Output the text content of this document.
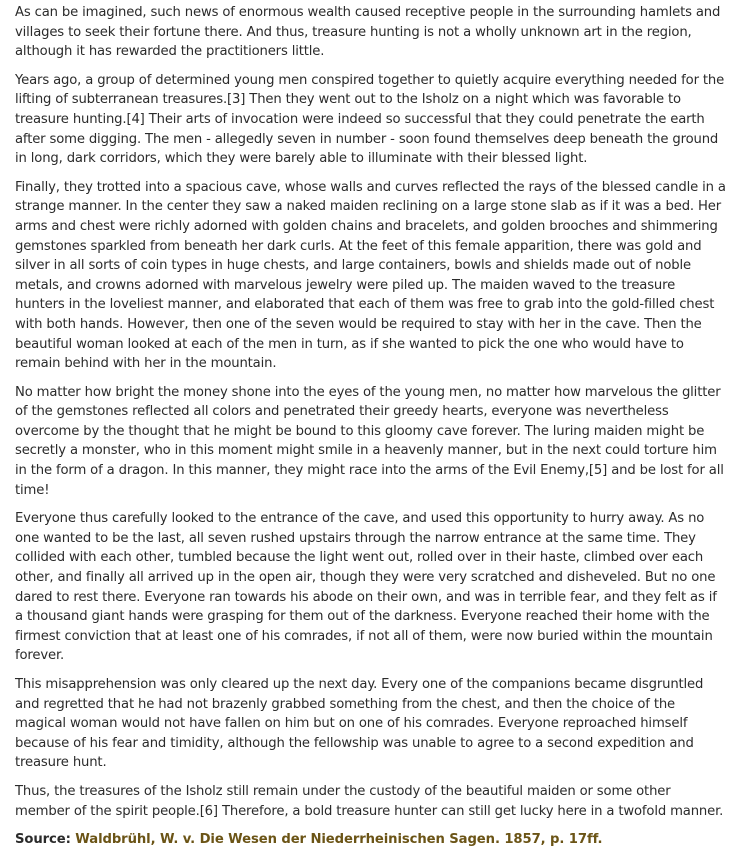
As can be imagined, such news of enormous wealth caused receptive people in the surrounding hamlets and villages to seek their fortune there. And thus, treasure hunting is not a wholly unknown art in the region, although it has rewarded the practitioners little.

Years ago, a group of determined young men conspired together to quietly acquire everything needed for the lifting of subterranean treasures.[3] Then they went out to the Isholz on a night which was favorable to treasure hunting.[4] Their arts of invocation were indeed so successful that they could penetrate the earth after some digging. The men - allegedly seven in number - soon found themselves deep beneath the ground in long, dark corridors, which they were barely able to illuminate with their blessed light.

Finally, they trotted into a spacious cave, whose walls and curves reflected the rays of the blessed candle in a strange manner. In the center they saw a naked maiden reclining on a large stone slab as if it was a bed. Her arms and chest were richly adorned with golden chains and bracelets, and golden brooches and shimmering gemstones sparkled from beneath her dark curls. At the feet of this female apparition, there was gold and silver in all sorts of coin types in huge chests, and large containers, bowls and shields made out of noble metals, and crowns adorned with marvelous jewelry were piled up. The maiden waved to the treasure hunters in the loveliest manner, and elaborated that each of them was free to grab into the gold-filled chest with both hands. However, then one of the seven would be required to stay with her in the cave. Then the beautiful woman looked at each of the men in turn, as if she wanted to pick the one who would have to remain behind with her in the mountain.

No matter how bright the money shone into the eyes of the young men, no matter how marvelous the glitter of the gemstones reflected all colors and penetrated their greedy hearts, everyone was nevertheless overcome by the thought that he might be bound to this gloomy cave forever. The luring maiden might be secretly a monster, who in this moment might smile in a heavenly manner, but in the next could torture him in the form of a dragon. In this manner, they might race into the arms of the Evil Enemy,[5] and be lost for all time!

Everyone thus carefully looked to the entrance of the cave, and used this opportunity to hurry away. As no one wanted to be the last, all seven rushed upstairs through the narrow entrance at the same time. They collided with each other, tumbled because the light went out, rolled over in their haste, climbed over each other, and finally all arrived up in the open air, though they were very scratched and disheveled. But no one dared to rest there. Everyone ran towards his abode on their own, and was in terrible fear, and they felt as if a thousand giant hands were grasping for them out of the darkness. Everyone reached their home with the firmest conviction that at least one of his comrades, if not all of them, were now buried within the mountain forever.

This misapprehension was only cleared up the next day. Every one of the companions became disgruntled and regretted that he had not brazenly grabbed something from the chest, and then the choice of the magical woman would not have fallen on him but on one of his comrades. Everyone reproached himself because of his fear and timidity, although the fellowship was unable to agree to a second expedition and treasure hunt.

Thus, the treasures of the Isholz still remain under the custody of the beautiful maiden or some other member of the spirit people.[6] Therefore, a bold treasure hunter can still get lucky here in a twofold manner.

Source: Waldbrühl, W. v. Die Wesen der Niederrheinischen Sagen. 1857, p. 17ff.
